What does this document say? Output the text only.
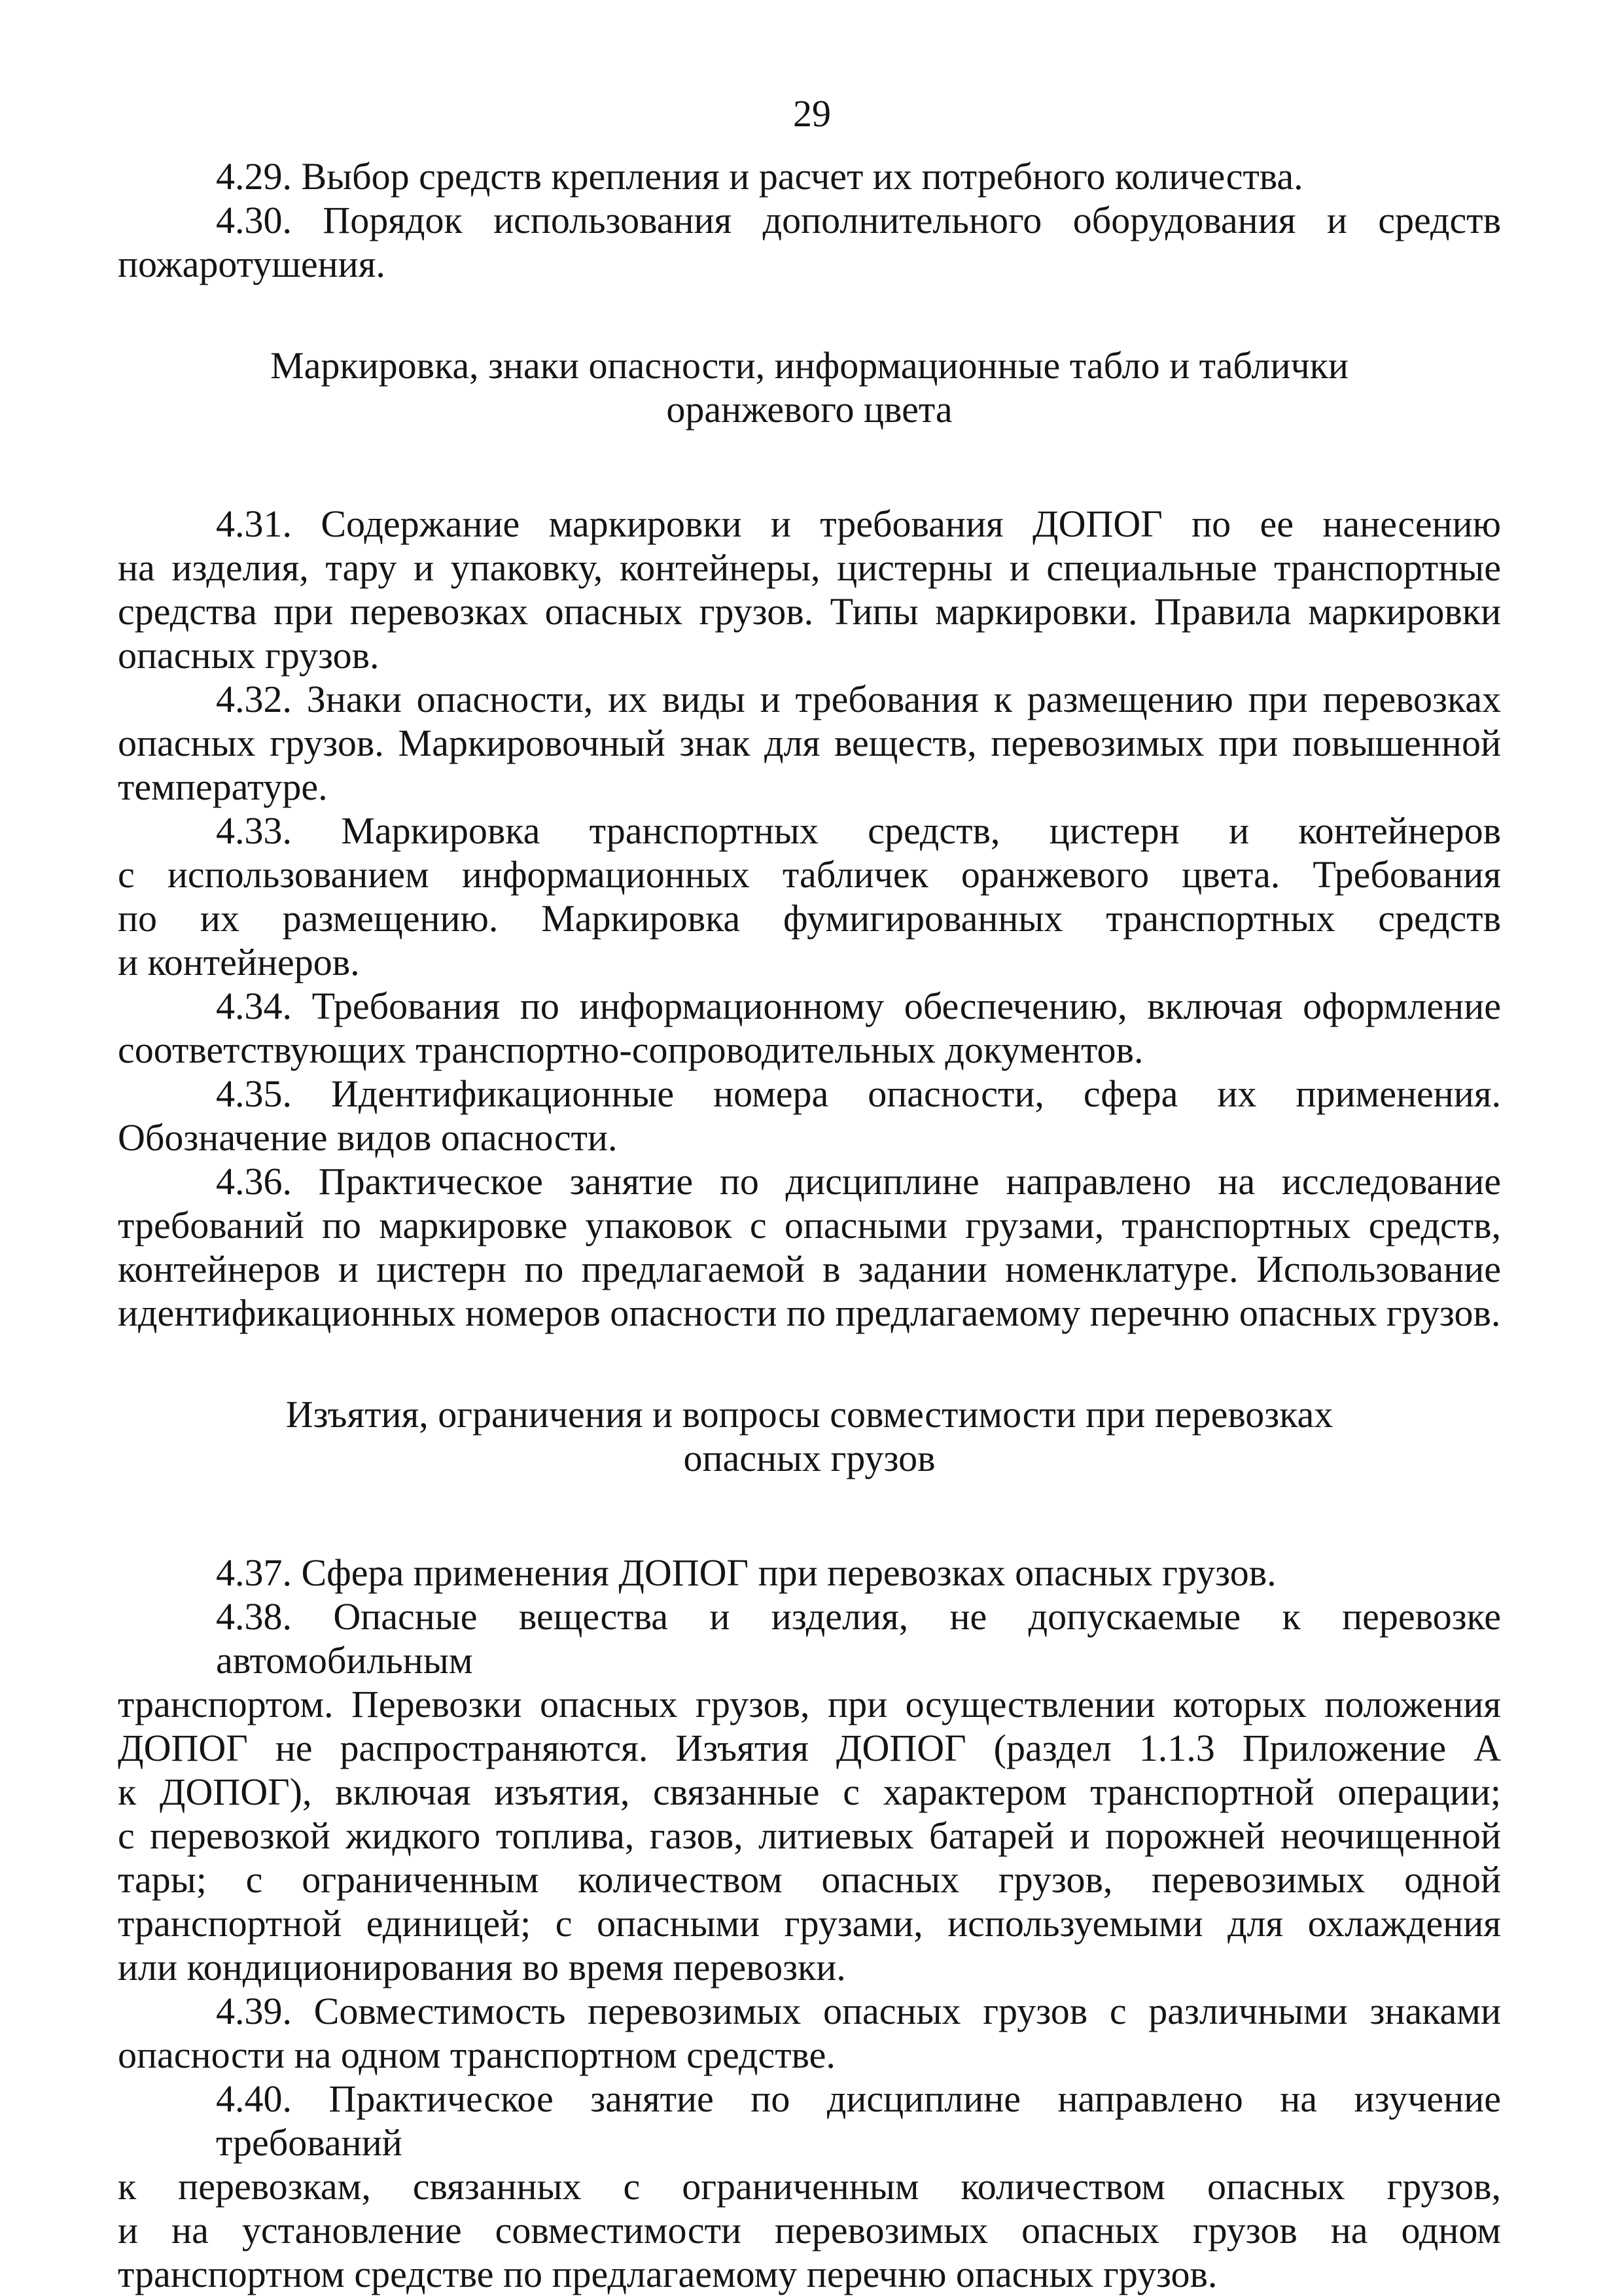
29
4.29. Выбор средств крепления и расчет их потребного количества.
4.30. Порядок использования дополнительного оборудования и средств
пожаротушения.
Маркировка, знаки опасности, информационные табло и таблички
оранжевого цвета
4.31. Содержание маркировки и требования ДОПОГ по ее нанесению
на изделия, тару и упаковку, контейнеры, цистерны и специальные транспортные
средства при перевозках опасных грузов. Типы маркировки. Правила маркировки
опасных грузов.
4.32. Знаки опасности, их виды и требования к размещению при перевозках
опасных грузов. Маркировочный знак для веществ, перевозимых при повышенной
температуре.
4.33. Маркировка транспортных средств, цистерн и контейнеров
с использованием информационных табличек оранжевого цвета. Требования
по их размещению. Маркировка фумигированных транспортных средств
и контейнеров.
4.34. Требования по информационному обеспечению, включая оформление
соответствующих транспортно-сопроводительных документов.
4.35. Идентификационные номера опасности, сфера их применения.
Обозначение видов опасности.
4.36. Практическое занятие по дисциплине направлено на исследование
требований по маркировке упаковок с опасными грузами, транспортных средств,
контейнеров и цистерн по предлагаемой в задании номенклатуре. Использование
идентификационных номеров опасности по предлагаемому перечню опасных грузов.
Изъятия, ограничения и вопросы совместимости при перевозках
опасных грузов
4.37. Сфера применения ДОПОГ при перевозках опасных грузов.
4.38. Опасные вещества и изделия, не допускаемые к перевозке автомобильным
транспортом. Перевозки опасных грузов, при осуществлении которых положения
ДОПОГ не распространяются. Изъятия ДОПОГ (раздел 1.1.3 Приложение А
к ДОПОГ), включая изъятия, связанные с характером транспортной операции;
с перевозкой жидкого топлива, газов, литиевых батарей и порожней неочищенной
тары; с ограниченным количеством опасных грузов, перевозимых одной
транспортной единицей; с опасными грузами, используемыми для охлаждения
или кондиционирования во время перевозки.
4.39. Совместимость перевозимых опасных грузов с различными знаками
опасности на одном транспортном средстве.
4.40. Практическое занятие по дисциплине направлено на изучение требований
к перевозкам, связанных с ограниченным количеством опасных грузов,
и на установление совместимости перевозимых опасных грузов на одном
транспортном средстве по предлагаемому перечню опасных грузов.
